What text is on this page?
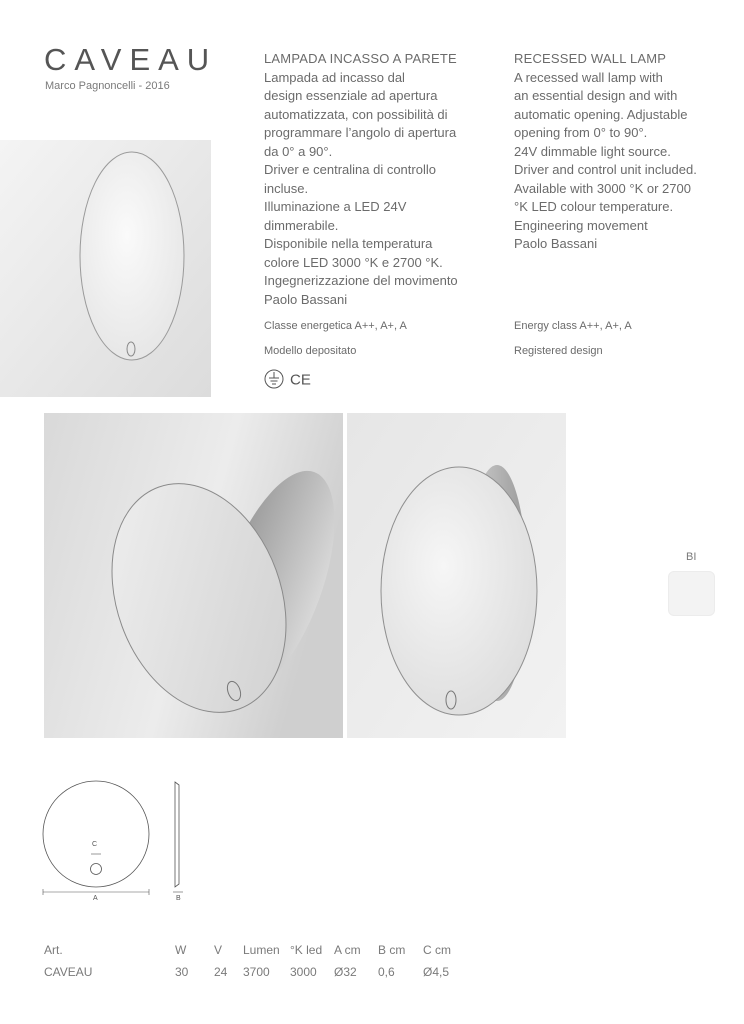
CAVEAU
Marco Pagnoncelli - 2016
LAMPADA INCASSO A PARETE
Lampada ad incasso dal
design essenziale ad apertura
automatizzata, con possibilità di
programmare l’angolo di apertura
da 0° a 90°.
Driver e centralina di controllo
incluse.
Illuminazione a LED 24V
dimmerabile.
Disponibile nella temperatura
colore LED 3000 °K e 2700 °K.
Ingegnerizzazione del movimento
Paolo Bassani
Classe energetica A++, A+, A
Modello depositato
CE
RECESSED WALL LAMP
A recessed wall lamp with
an essential design and with
automatic opening. Adjustable
opening from 0° to 90°.
24V dimmable light source.
Driver and control unit included.
Available with 3000 °K or 2700
°K LED colour temperature.
Engineering movement
Paolo Bassani
Energy class A++, A+, A
Registered design
BI
C
A	B
Art.	W	V	Lumen	°K led	A cm	B cm	C cm
CAVEAU	30	24	3700	3000	Ø32	0,6	Ø4,5
